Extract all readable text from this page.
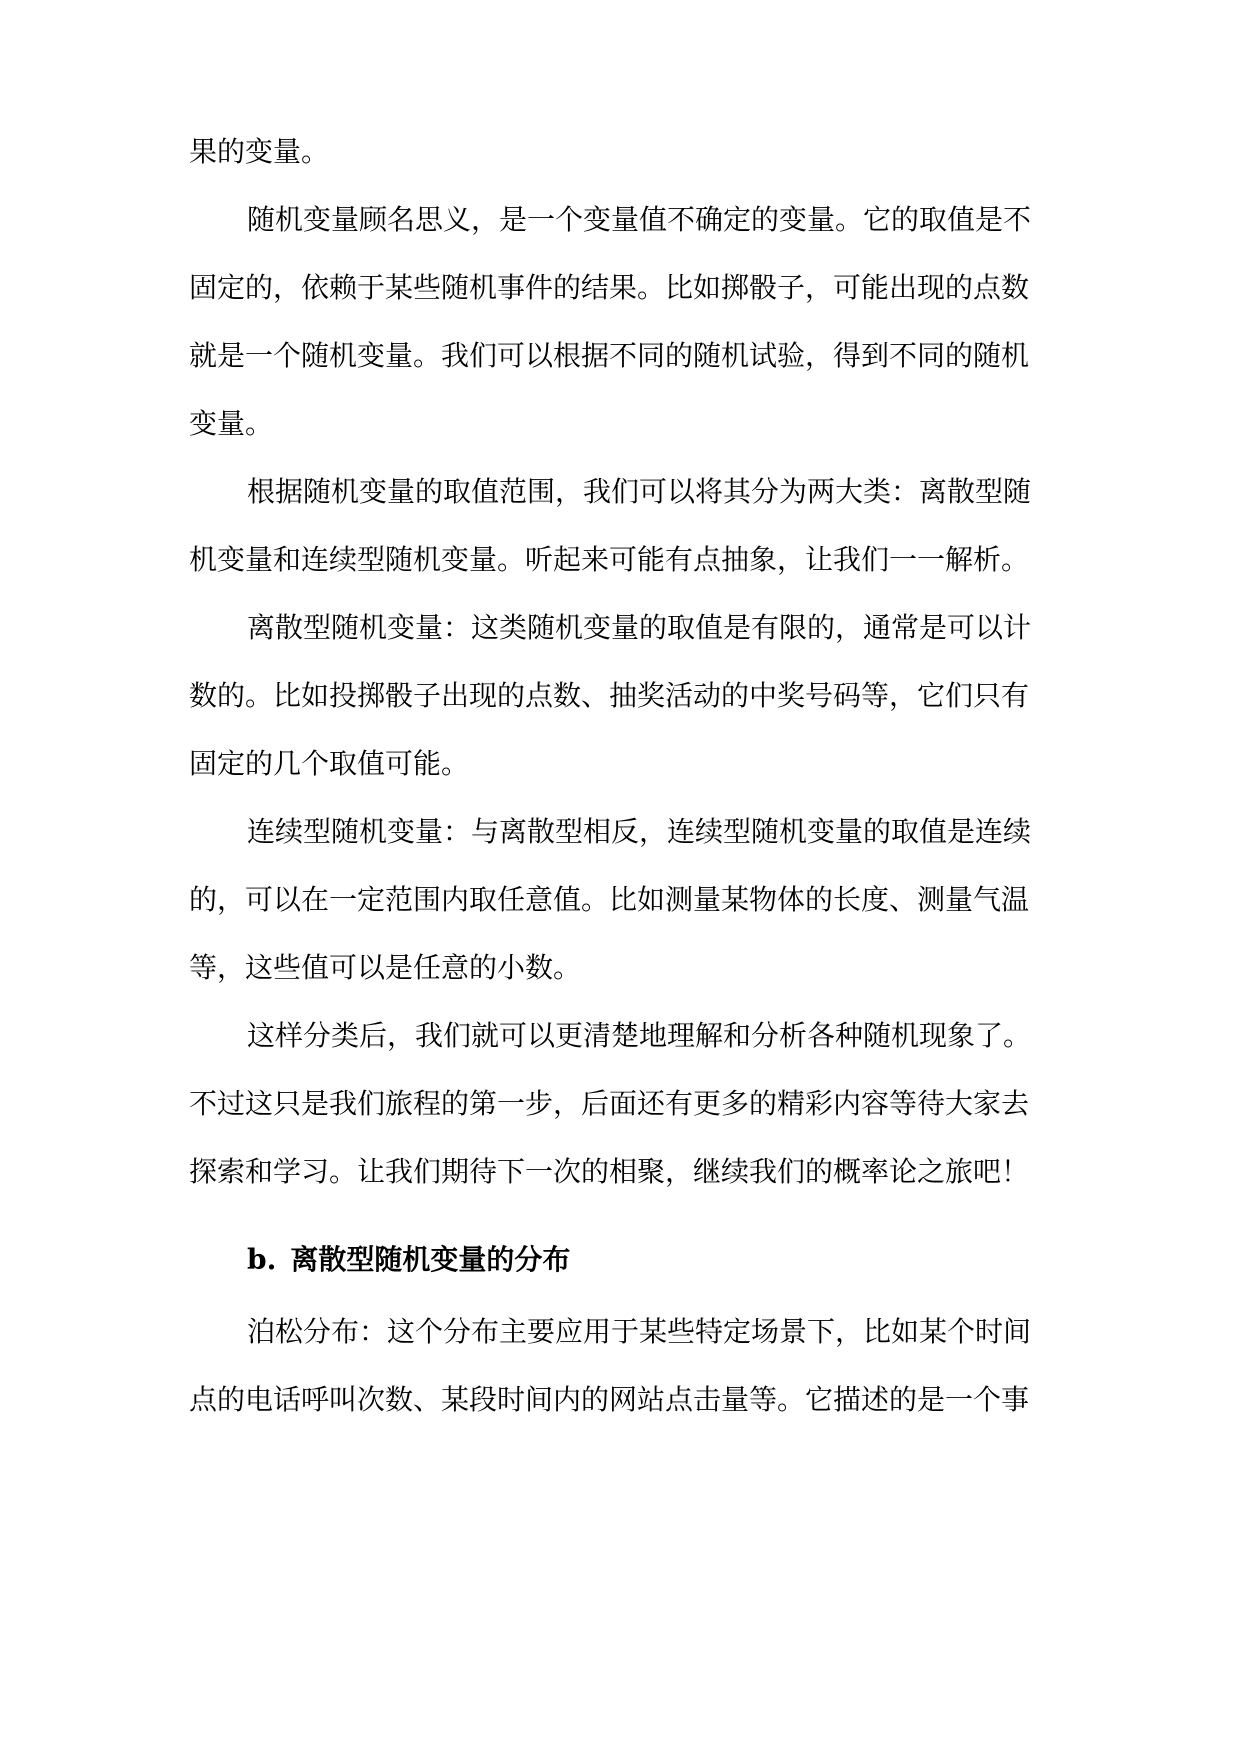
果的变量。
随机变量顾名思义，是一个变量值不确定的变量。它的取值是不
固定的，依赖于某些随机事件的结果。比如掷骰子，可能出现的点数
就是一个随机变量。我们可以根据不同的随机试验，得到不同的随机
变量。
根据随机变量的取值范围，我们可以将其分为两大类：离散型随
机变量和连续型随机变量。听起来可能有点抽象，让我们一一解析。
离散型随机变量：这类随机变量的取值是有限的，通常是可以计
数的。比如投掷骰子出现的点数、抽奖活动的中奖号码等，它们只有
固定的几个取值可能。
连续型随机变量：与离散型相反，连续型随机变量的取值是连续
的，可以在一定范围内取任意值。比如测量某物体的长度、测量气温
等，这些值可以是任意的小数。
这样分类后，我们就可以更清楚地理解和分析各种随机现象了。
不过这只是我们旅程的第一步，后面还有更多的精彩内容等待大家去
探索和学习。让我们期待下一次的相聚，继续我们的概率论之旅吧！
b. 离散型随机变量的分布
泊松分布：这个分布主要应用于某些特定场景下，比如某个时间
点的电话呼叫次数、某段时间内的网站点击量等。它描述的是一个事
